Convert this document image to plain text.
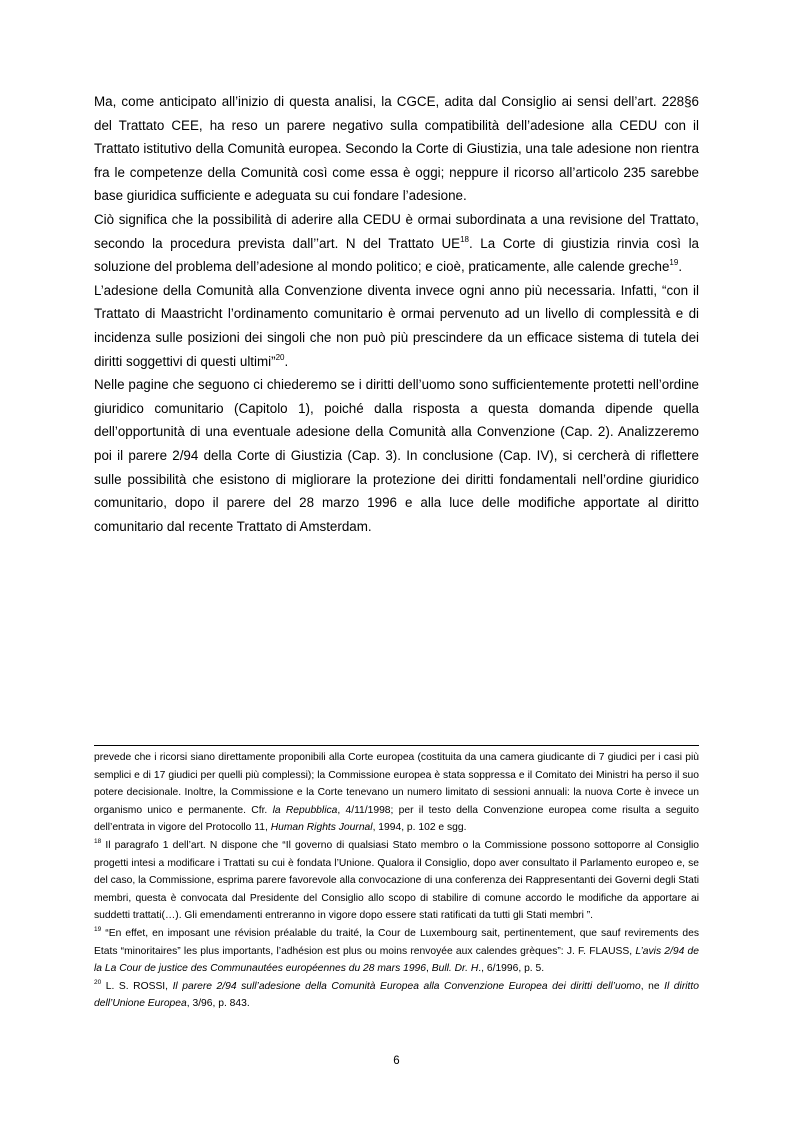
Ma, come anticipato all’inizio di questa analisi, la CGCE, adita dal Consiglio ai sensi dell’art. 228§6 del Trattato CEE, ha reso un parere negativo sulla compatibilità dell’adesione alla CEDU con il Trattato istitutivo della Comunità europea. Secondo la Corte di Giustizia, una tale adesione non rientra fra le competenze della Comunità così come essa è oggi; neppure il ricorso all’articolo 235 sarebbe base giuridica sufficiente e adeguata su cui fondare l’adesione.

Ciò significa che la possibilità di aderire alla CEDU è ormai subordinata a una revisione del Trattato, secondo la procedura prevista dall’’art. N del Trattato UE$^{18}$. La Corte di giustizia rinvia così la soluzione del problema dell’adesione al mondo politico; e cioè, praticamente, alle calende greche$^{19}$.

L’adesione della Comunità alla Convenzione diventa invece ogni anno più necessaria. Infatti, “con il Trattato di Maastricht l’ordinamento comunitario è ormai pervenuto ad un livello di complessità e di incidenza sulle posizioni dei singoli che non può più prescindere da un efficace sistema di tutela dei diritti soggettivi di questi ultimi”$^{20}$.

Nelle pagine che seguono ci chiederemo se i diritti dell’uomo sono sufficientemente protetti nell’ordine giuridico comunitario (Capitolo 1), poiché dalla risposta a questa domanda dipende quella dell’opportunità di una eventuale adesione della Comunità alla Convenzione (Cap. 2). Analizzeremo poi il parere 2/94 della Corte di Giustizia (Cap. 3). In conclusione (Cap. IV), si cercherà di riflettere sulle possibilità che esistono di migliorare la protezione dei diritti fondamentali nell’ordine giuridico comunitario, dopo il parere del 28 marzo 1996 e alla luce delle modifiche apportate al diritto comunitario dal recente Trattato di Amsterdam.

prevede che i ricorsi siano direttamente proponibili alla Corte europea (costituita da una camera giudicante di 7 giudici per i casi più semplici e di 17 giudici per quelli più complessi); la Commissione europea è stata soppressa e il Comitato dei Ministri ha perso il suo potere decisionale. Inoltre, la Commissione e la Corte tenevano un numero limitato di sessioni annuali: la nuova Corte è invece un organismo unico e permanente. Cfr. la Repubblica, 4/11/1998; per il testo della Convenzione europea come risulta a seguito dell’entrata in vigore del Protocollo 11, Human Rights Journal, 1994, p. 102 e sgg.

$^{18}$ Il paragrafo 1 dell’art. N dispone che “Il governo di qualsiasi Stato membro o la Commissione possono sottoporre al Consiglio progetti intesi a modificare i Trattati su cui è fondata l’Unione. Qualora il Consiglio, dopo aver consultato il Parlamento europeo e, se del caso, la Commissione, esprima parere favorevole alla convocazione di una conferenza dei Rappresentanti dei Governi degli Stati membri, questa è convocata dal Presidente del Consiglio allo scopo di stabilire di comune accordo le modifiche da apportare ai suddetti trattati(…). Gli emendamenti entreranno in vigore dopo essere stati ratificati da tutti gli Stati membri ”.

$^{19}$ “En effet, en imposant une révision préalable du traité, la Cour de Luxembourg sait, pertinentement, que sauf revirements des Etats “minoritaires” les plus importants, l’adhésion est plus ou moins renvoyée aux calendes grèques”: J. F. FLAUSS, L’avis 2/94 de la La Cour de justice des Communautées européennes du 28 mars 1996, Bull. Dr. H., 6/1996, p. 5.

$^{20}$ L. S. ROSSI, Il parere 2/94 sull’adesione della Comunità Europea alla Convenzione Europea dei diritti dell’uomo, ne Il diritto dell’Unione Europea, 3/96, p. 843.

6
